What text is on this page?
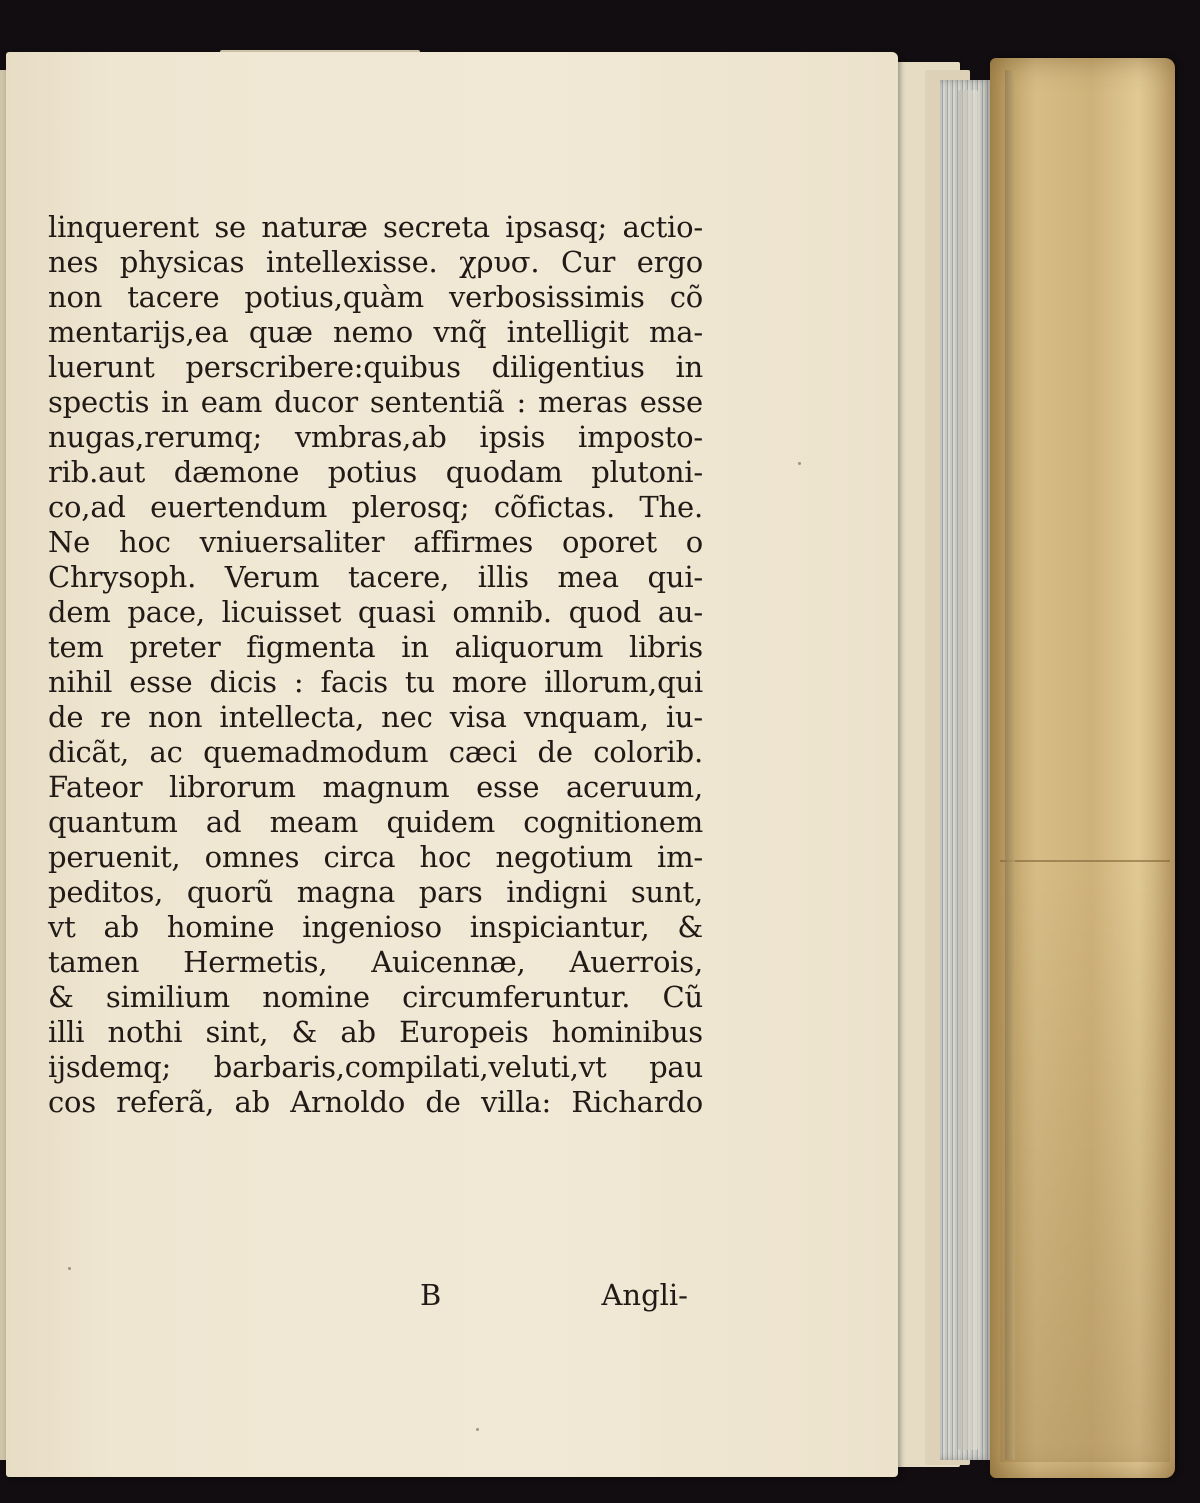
linquerent se naturæ secreta ipsasq; actio-
nes physicas intellexisse. χρυσ. Cur ergo
non tacere potius,quàm verbosissimis cõ
mentarijs,ea quæ nemo vnq̃ intelligit ma-
luerunt perscribere:quibus diligentius in
spectis in eam ducor sententiã : meras esse
nugas,rerumq; vmbras,ab ipsis imposto-
rib.aut dæmone potius quodam plutoni-
co,ad euertendum plerosq; cõfictas. The.
Ne hoc vniuersaliter affirmes oporet o
Chrysoph. Verum tacere, illis mea qui-
dem pace, licuisset quasi omnib. quod au-
tem preter figmenta in aliquorum libris
nihil esse dicis : facis tu more illorum,qui
de re non intellecta, nec visa vnquam, iu-
dicãt, ac quemadmodum cæci de colorib.
Fateor librorum magnum esse aceruum,
quantum ad meam quidem cognitionem
peruenit, omnes circa hoc negotium im-
peditos, quorũ magna pars indigni sunt,
vt ab homine ingenioso inspiciantur, &
tamen Hermetis, Auicennæ, Auerrois,
& similium nomine circumferuntur. Cũ
illi nothi sint, & ab Europeis hominibus
ijsdemq; barbaris,compilati,veluti,vt pau
cos referã, ab Arnoldo de villa: Richardo
B	Angli-
